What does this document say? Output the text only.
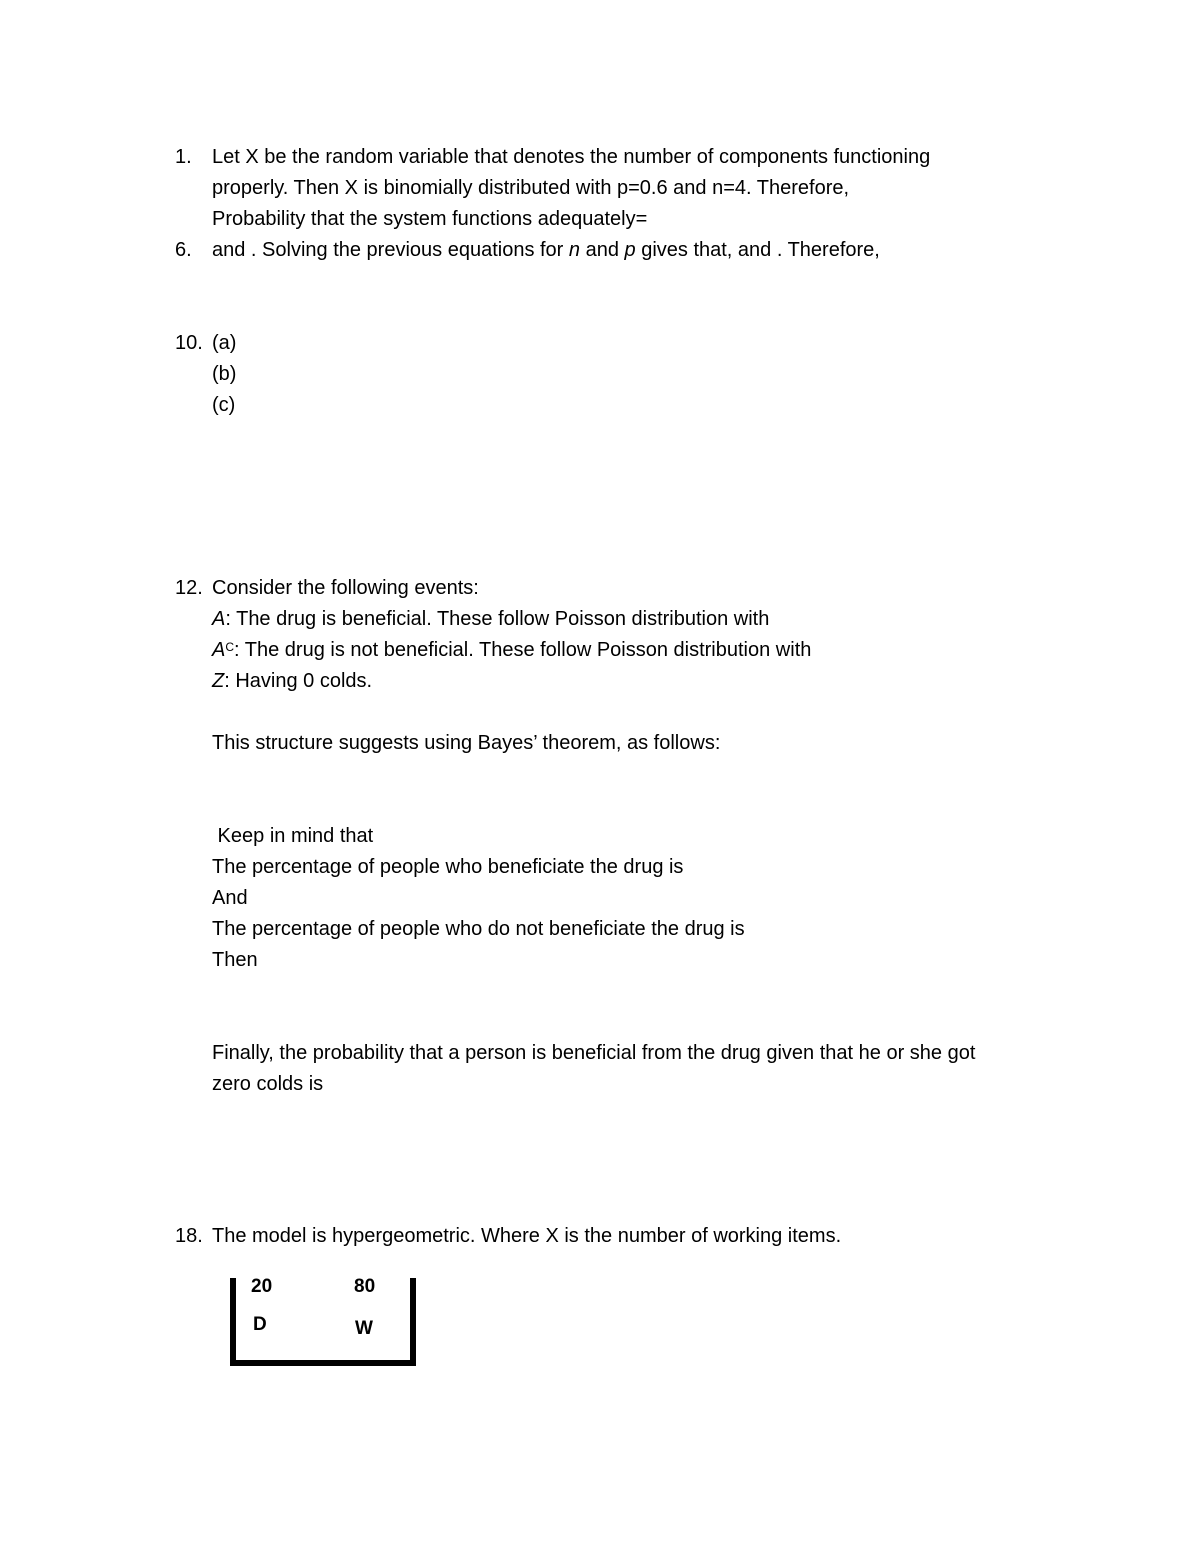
1. Let X be the random variable that denotes the number of components functioning
properly. Then X is binomially distributed with p=0.6 and n=4. Therefore,
Probability that the system functions adequately=
6. and . Solving the previous equations for n and p gives that, and . Therefore,
10. (a)
(b)
(c)
12. Consider the following events:
A: The drug is beneficial. These follow Poisson distribution with
$A^C$: The drug is not beneficial. These follow Poisson distribution with
Z: Having 0 colds.
This structure suggests using Bayes’ theorem, as follows:
Keep in mind that
The percentage of people who beneficiate the drug is
And
The percentage of people who do not beneficiate the drug is
Then
Finally, the probability that a person is beneficial from the drug given that he or she got
zero colds is
18. The model is hypergeometric. Where X is the number of working items.
20	80
D	W
